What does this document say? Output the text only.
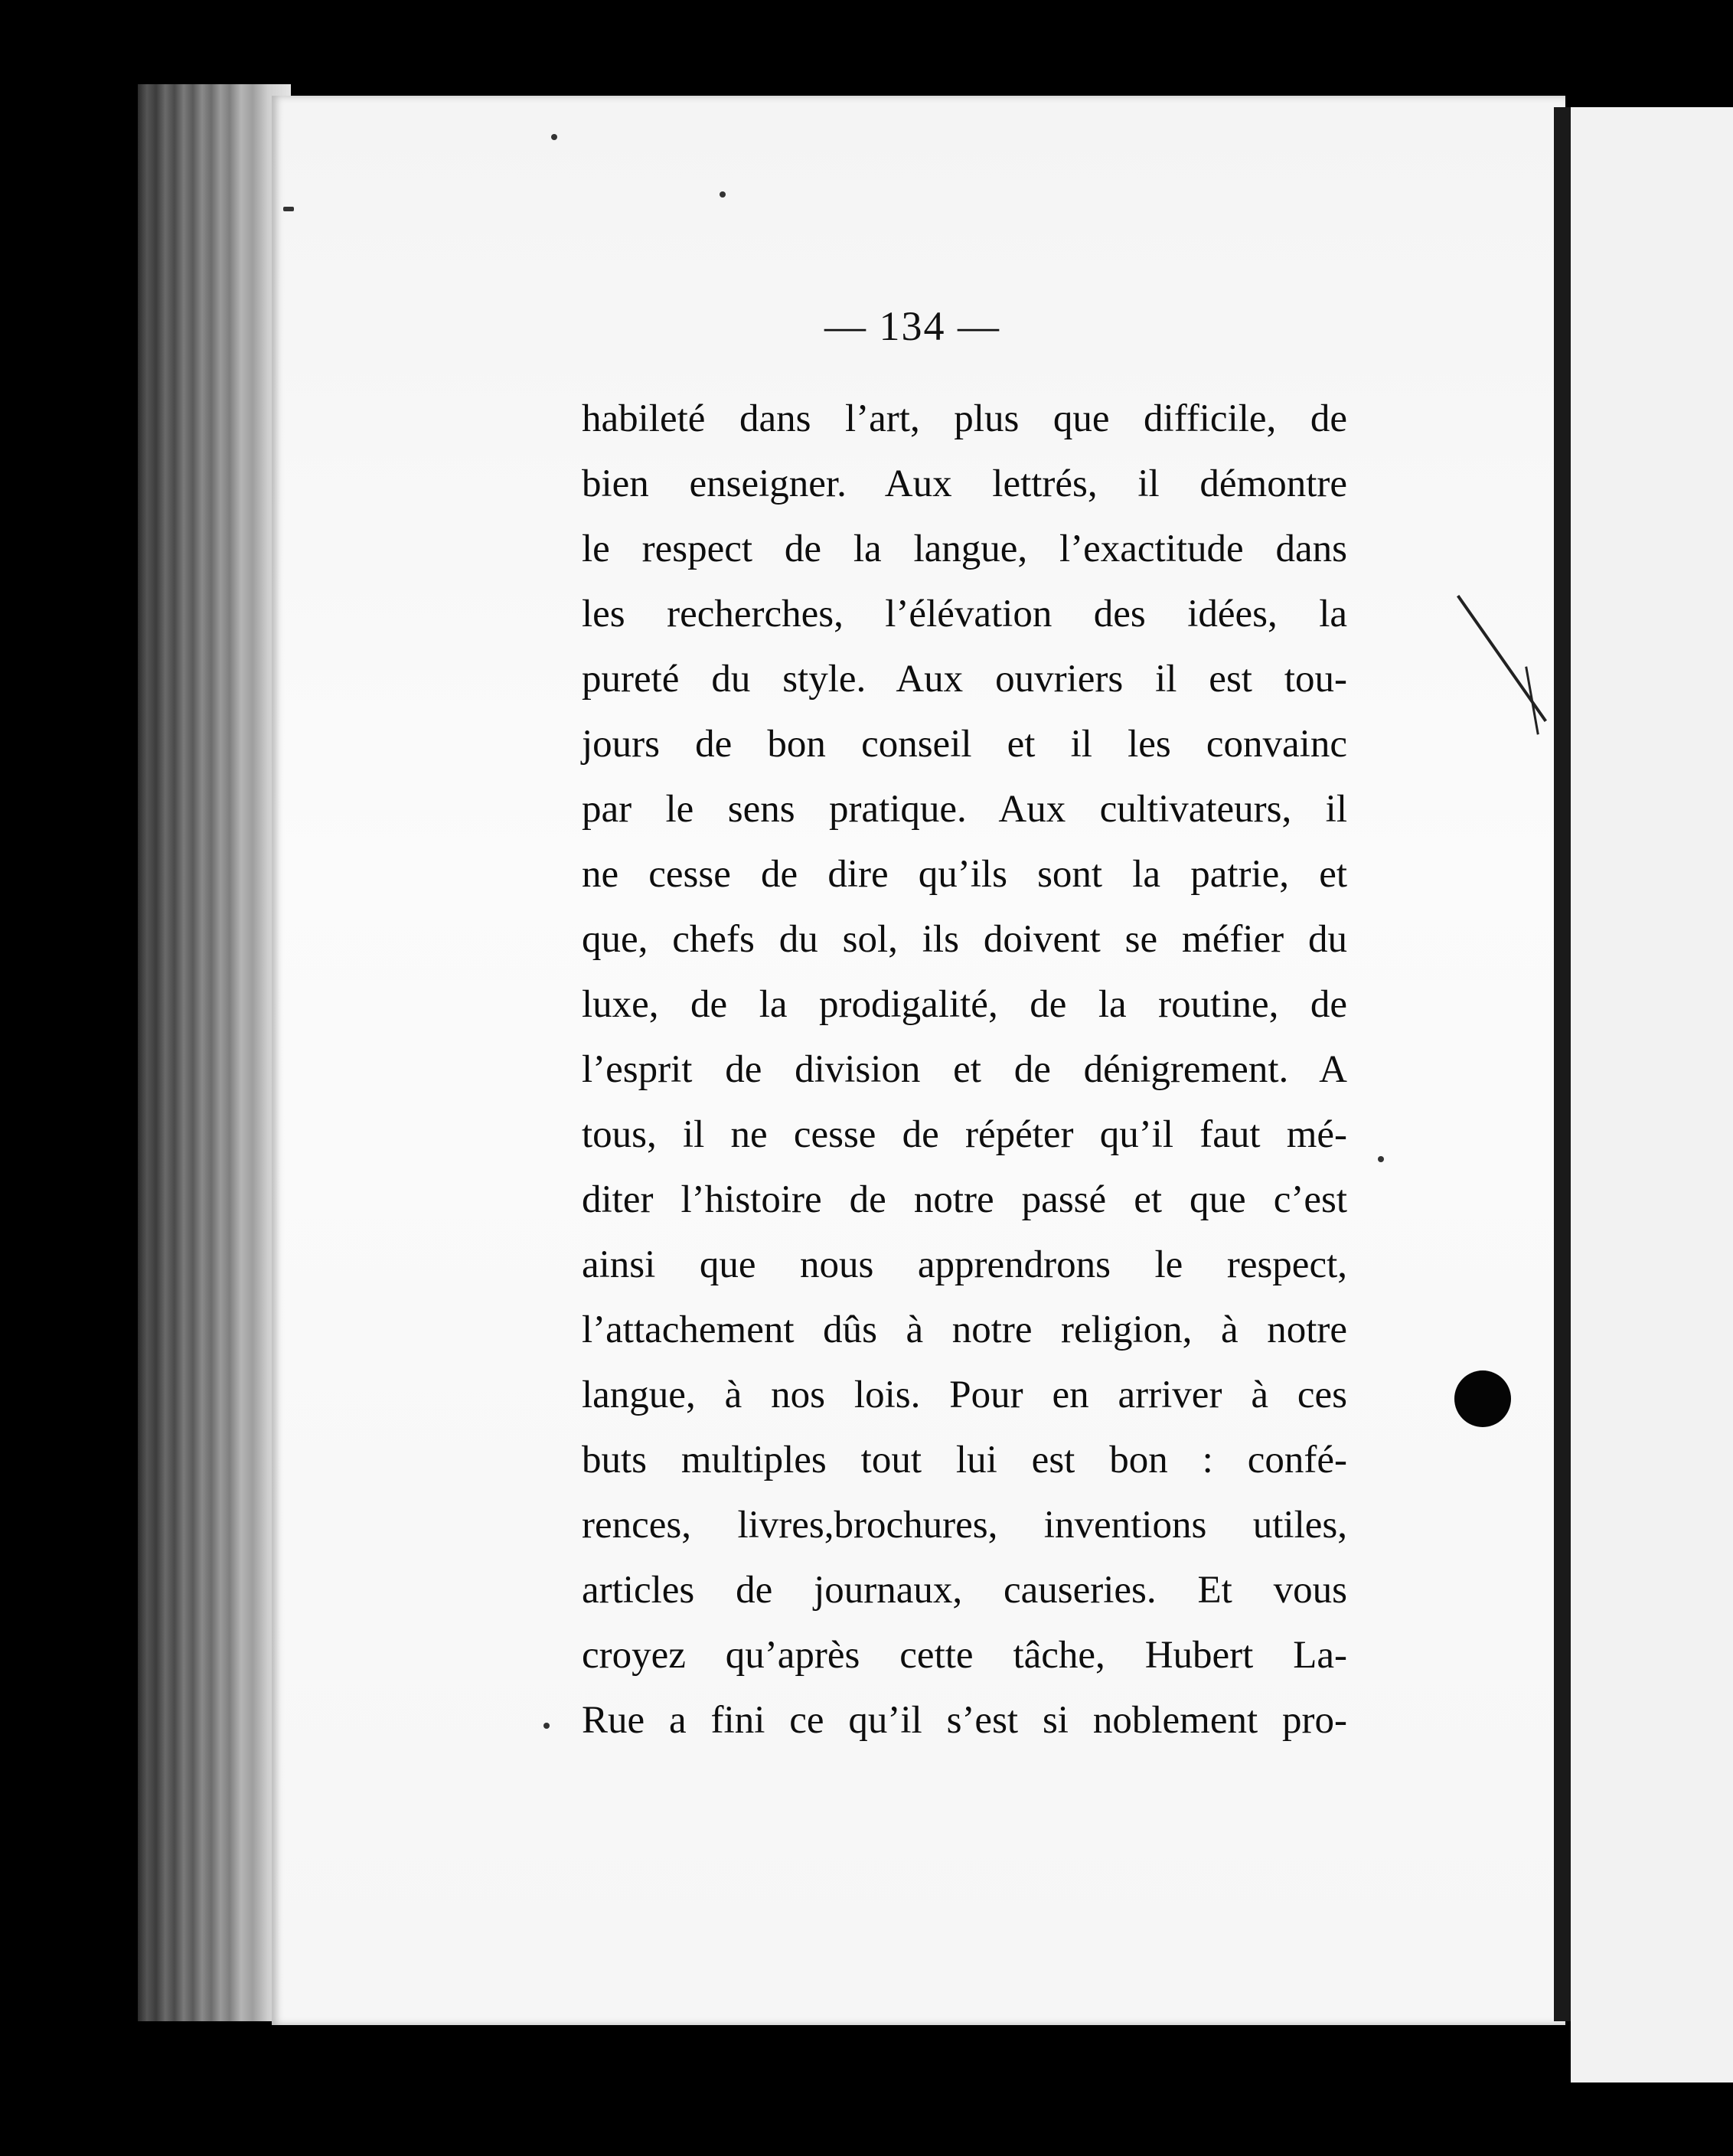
— 134 —
habileté dans l’art, plus que difficile, de
bien enseigner. Aux lettrés, il démontre
le respect de la langue, l’exactitude dans
les recherches, l’élévation des idées, la
pureté du style. Aux ouvriers il est tou-
jours de bon conseil et il les convainc
par le sens pratique. Aux cultivateurs, il
ne cesse de dire qu’ils sont la patrie, et
que, chefs du sol, ils doivent se méfier du
luxe, de la prodigalité, de la routine, de
l’esprit de division et de dénigrement. A
tous, il ne cesse de répéter qu’il faut mé-
diter l’histoire de notre passé et que c’est
ainsi que nous apprendrons le respect,
l’attachement dûs à notre religion, à notre
langue, à nos lois. Pour en arriver à ces
buts multiples tout lui est bon : confé-
rences, livres,brochures, inventions utiles,
articles de journaux, causeries. Et vous
croyez qu’après cette tâche, Hubert La-
Rue a fini ce qu’il s’est si noblement pro-
